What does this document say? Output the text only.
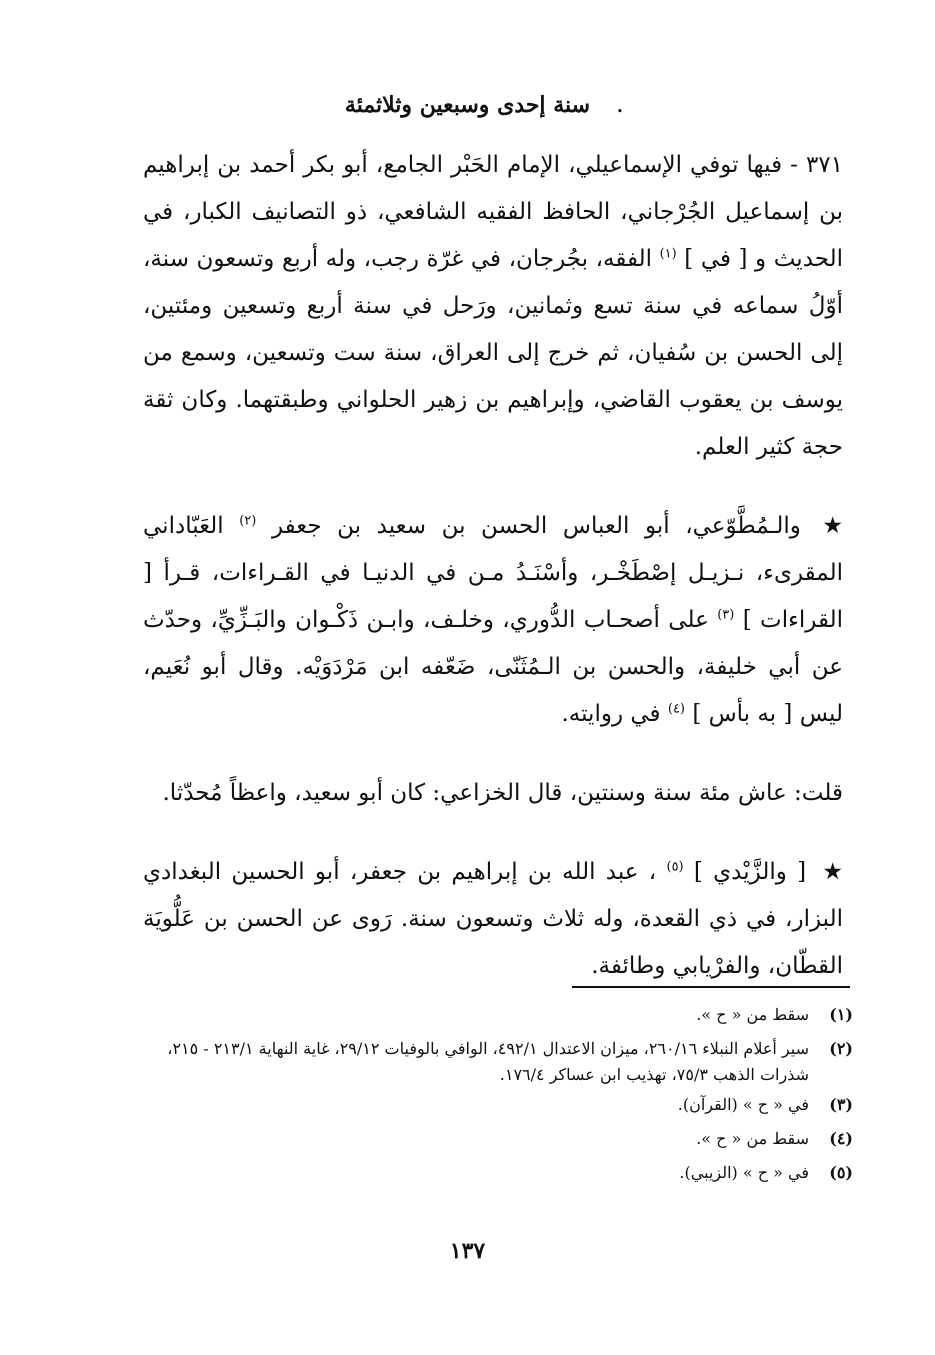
سنة إحدى وسبعين وثلاثمئة .

٣٧١ - فيها توفي الإسماعيلي، الإمام الحَبْر الجامع، أبو بكر أحمد بن إبراهيم بن إسماعيل الجُرْجاني، الحافظ الفقيه الشافعي، ذو التصانيف الكبار، في الحديث و [ في ] $^{(١)}$ الفقه، بجُرجان، في غرّة رجب، وله أربع وتسعون سنة، أوّلُ سماعه في سنة تسع وثمانين، ورَحل في سنة أربع وتسعين ومئتين، إلى الحسن بن سُفيان، ثم خرج إلى العراق، سنة ست وتسعين، وسمع من يوسف بن يعقوب القاضي، وإبراهيم بن زهير الحلواني وطبقتهما. وكان ثقة حجة كثير العلم.

★ والـمُطَّوّعي، أبو العباس الحسن بن سعيد بن جعفر $^{(٢)}$ العَبّاداني المقرىء، نـزيـل إصْطَخْـر، وأسْنَـدُ مـن في الدنيـا في القـراءات، قـرأ [ القراءات ] $^{(٣)}$ على أصحـاب الدُّوري، وخلـف، وابـن ذَكْـوان والبَـزِّيِّ، وحدّث عن أبي خليفة، والحسن بن الـمُثَنّى، ضَعّفه ابن مَرْدَوَيْه. وقال أبو نُعَيم، ليس [ به بأس ] $^{(٤)}$ في روايته.

قلت: عاش مئة سنة وسنتين، قال الخزاعي: كان أبو سعيد، واعظاً مُحدّثا.

★ [ والزَّيْدي ] $^{(٥)}$ ، عبد الله بن إبراهيم بن جعفر، أبو الحسين البغدادي البزار، في ذي القعدة، وله ثلاث وتسعون سنة. رَوى عن الحسن بن عَلُّويَة القطّان، والفرْيابي وطائفة.

(١)
سقط من « ح ».
(٢)
سير أعلام النبلاء ٢٦٠/١٦، ميزان الاعتدال ٤٩٢/١، الوافي بالوفيات ٢٩/١٢، غاية النهاية ٢١٣/١ - ٢١٥، شذرات الذهب ٧٥/٣، تهذيب ابن عساكر ١٧٦/٤.
(٣)
في « ح » (القرآن).
(٤)
سقط من « ح ».
(٥)
في « ح » (الزيبي).
١٣٧
